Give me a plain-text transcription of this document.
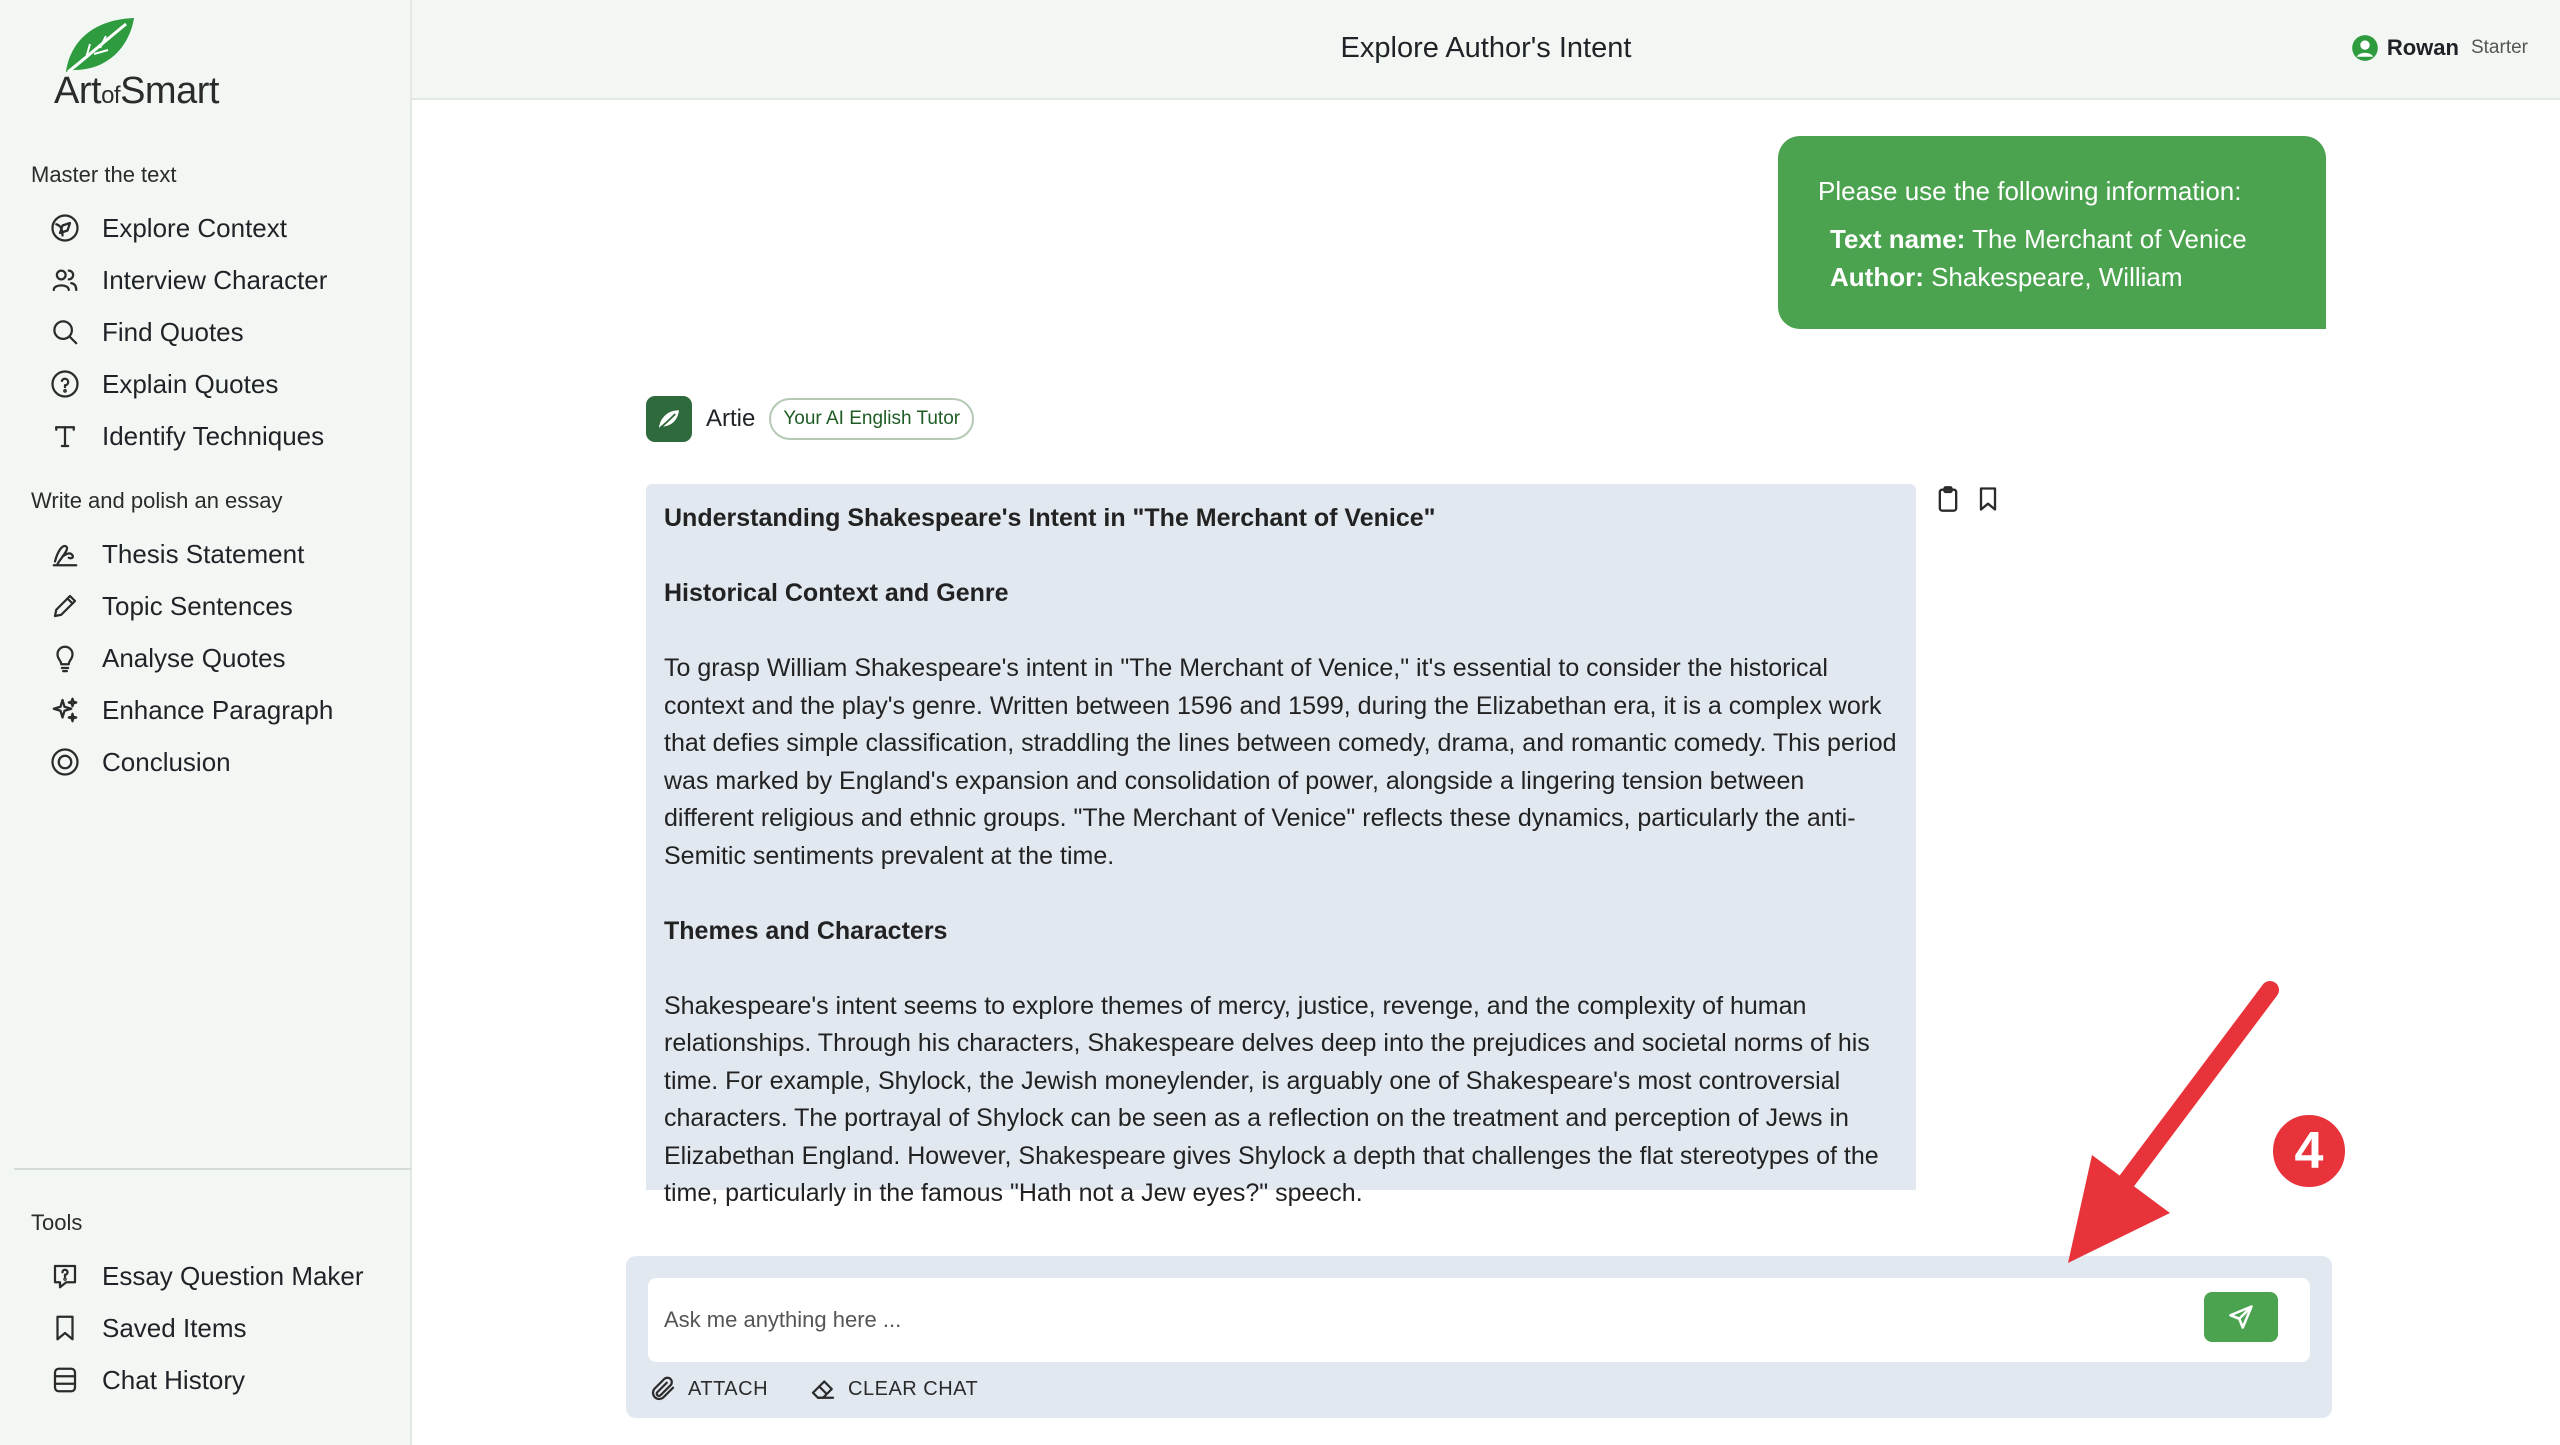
ArtofSmart
Master the text
Explore Context
Interview Character
Find Quotes
Explain Quotes
Identify Techniques
Write and polish an essay
Thesis Statement
Topic Sentences
Analyse Quotes
Enhance Paragraph
Conclusion
Tools
Essay Question Maker
Saved Items
Chat History
Explore Author's Intent	Rowan Starter
Please use the following information:
Text name: The Merchant of Venice
Author: Shakespeare, William
Artie	Your AI English Tutor

Understanding Shakespeare's Intent in "The Merchant of Venice"

Historical Context and Genre

To grasp William Shakespeare's intent in "The Merchant of Venice," it's essential to consider the historical context and the play's genre. Written between 1596 and 1599, during the Elizabethan era, it is a complex work that defies simple classification, straddling the lines between comedy, drama, and romantic comedy. This period was marked by England's expansion and consolidation of power, alongside a lingering tension between different religious and ethnic groups. "The Merchant of Venice" reflects these dynamics, particularly the anti-Semitic sentiments prevalent at the time.

Themes and Characters

Shakespeare's intent seems to explore themes of mercy, justice, revenge, and the complexity of human relationships. Through his characters, Shakespeare delves deep into the prejudices and societal norms of his time. For example, Shylock, the Jewish moneylender, is arguably one of Shakespeare's most controversial characters. The portrayal of Shylock can be seen as a reflection on the treatment and perception of Jews in Elizabethan England. However, Shakespeare gives Shylock a depth that challenges the flat stereotypes of the time, particularly in the famous "Hath not a Jew eyes?" speech.

Ask me anything here ...
ATTACH	CLEAR CHAT
4
